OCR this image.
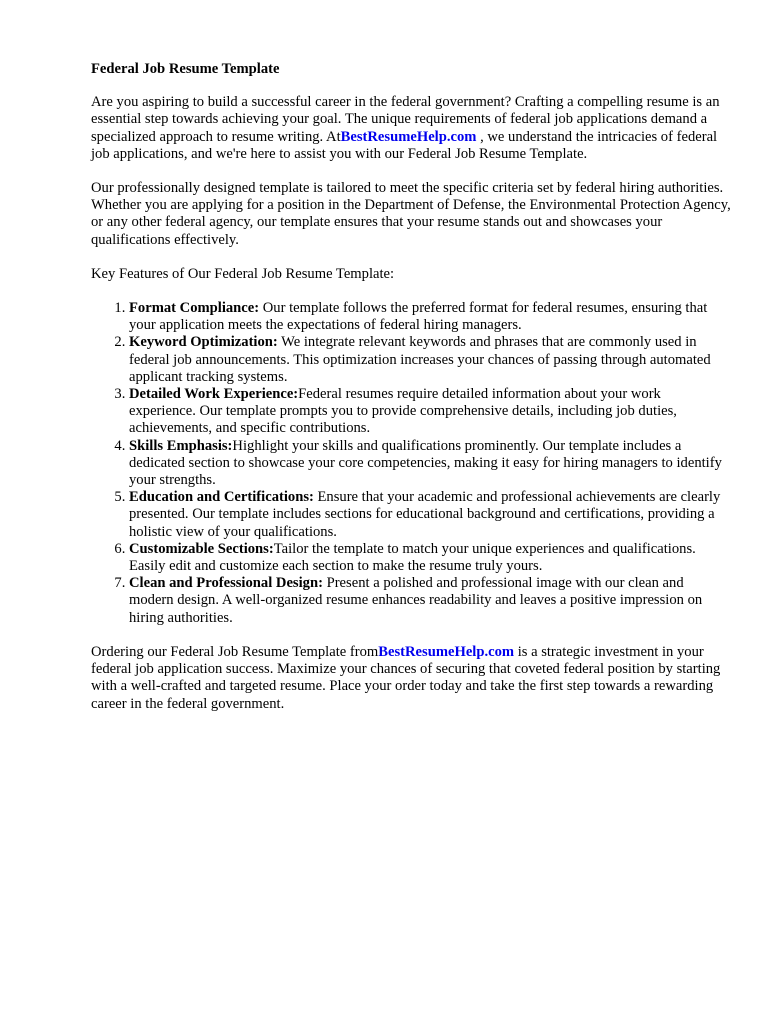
Federal Job Resume Template

Are you aspiring to build a successful career in the federal government? Crafting a compelling resume is an essential step towards achieving your goal. The unique requirements of federal job applications demand a specialized approach to resume writing. AtBestResumeHelp.com , we understand the intricacies of federal job applications, and we're here to assist you with our Federal Job Resume Template.

Our professionally designed template is tailored to meet the specific criteria set by federal hiring authorities. Whether you are applying for a position in the Department of Defense, the Environmental Protection Agency, or any other federal agency, our template ensures that your resume stands out and showcases your qualifications effectively.

Key Features of Our Federal Job Resume Template:

1. Format Compliance: Our template follows the preferred format for federal resumes, ensuring that your application meets the expectations of federal hiring managers.
2. Keyword Optimization: We integrate relevant keywords and phrases that are commonly used in federal job announcements. This optimization increases your chances of passing through automated applicant tracking systems.
3. Detailed Work Experience:Federal resumes require detailed information about your work experience. Our template prompts you to provide comprehensive details, including job duties, achievements, and specific contributions.
4. Skills Emphasis:Highlight your skills and qualifications prominently. Our template includes a dedicated section to showcase your core competencies, making it easy for hiring managers to identify your strengths.
5. Education and Certifications: Ensure that your academic and professional achievements are clearly presented. Our template includes sections for educational background and certifications, providing a holistic view of your qualifications.
6. Customizable Sections:Tailor the template to match your unique experiences and qualifications. Easily edit and customize each section to make the resume truly yours.
7. Clean and Professional Design: Present a polished and professional image with our clean and modern design. A well-organized resume enhances readability and leaves a positive impression on hiring authorities.

Ordering our Federal Job Resume Template fromBestResumeHelp.com is a strategic investment in your federal job application success. Maximize your chances of securing that coveted federal position by starting with a well-crafted and targeted resume. Place your order today and take the first step towards a rewarding career in the federal government.
